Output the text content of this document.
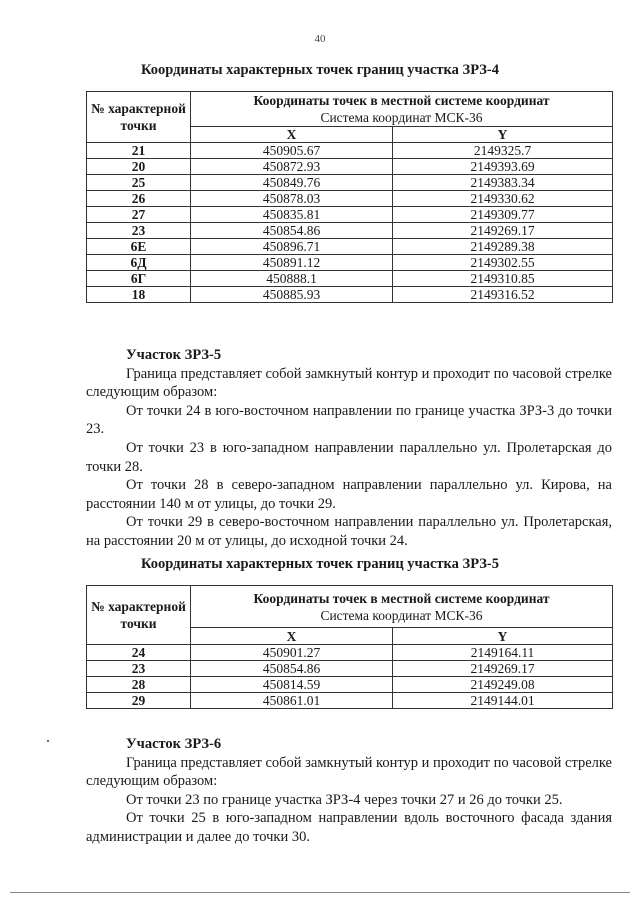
40
Координаты характерных точек границ участка ЗРЗ-4
№ характерной точки	Координаты точек в местной системе координат
Система координат МСК-36	
	X	Y
21	450905.67	2149325.7
20	450872.93	2149393.69
25	450849.76	2149383.34
26	450878.03	2149330.62
27	450835.81	2149309.77
23	450854.86	2149269.17
6Е	450896.71	2149289.38
6Д	450891.12	2149302.55
6Г	450888.1	2149310.85
18	450885.93	2149316.52
Участок ЗРЗ-5

Граница представляет собой замкнутый контур и проходит по часовой стрелке следующим образом:

От точки 24 в юго-восточном направлении по границе участка ЗРЗ-3 до точки 23.

От точки 23 в юго-западном направлении параллельно ул. Пролетарская до точки 28.

От точки 28 в северо-западном направлении параллельно ул. Кирова, на расстоянии 140 м от улицы, до точки 29.

От точки 29 в северо-восточном направлении параллельно ул. Пролетарская, на расстоянии 20 м от улицы, до исходной точки 24.

Координаты характерных точек границ участка ЗРЗ-5
№ характерной точки	Координаты точек в местной системе координат
Система координат МСК-36	
	X	Y
24	450901.27	2149164.11
23	450854.86	2149269.17
28	450814.59	2149249.08
29	450861.01	2149144.01
Участок ЗРЗ-6

Граница представляет собой замкнутый контур и проходит по часовой стрелке следующим образом:

От точки 23 по границе участка ЗРЗ-4 через точки 27 и 26 до точки 25.

От точки 25 в юго-западном направлении вдоль восточного фасада здания администрации и далее до точки 30.
